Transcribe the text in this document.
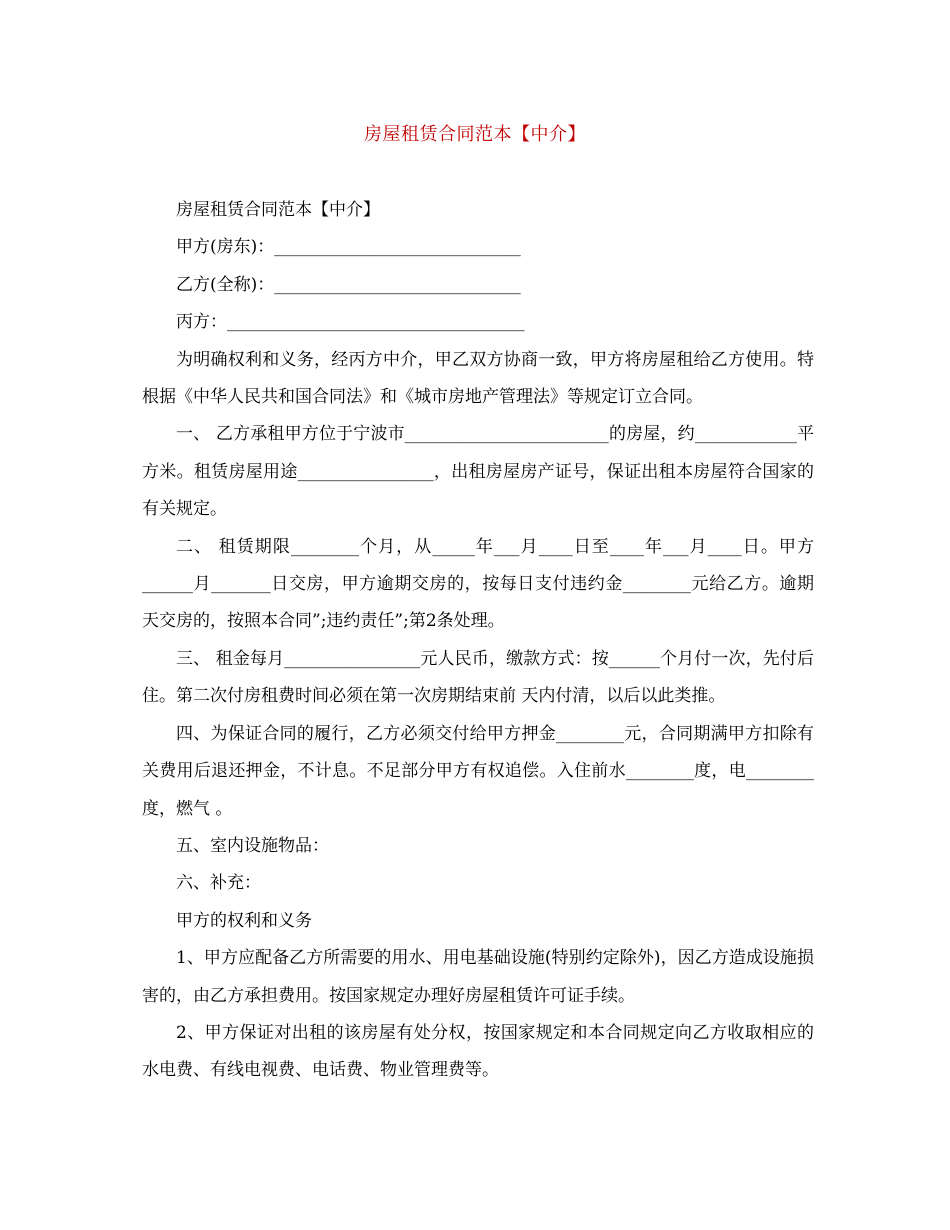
房屋租赁合同范本【中介】

房屋租赁合同范本【中介】

甲方(房东)：_____________________________

乙方(全称)：_____________________________

丙方：___________________________________

为明确权利和义务，经丙方中介，甲乙双方协商一致，甲方将房屋租给乙方使用。特根据《中华人民共和国合同法》和《城市房地产管理法》等规定订立合同。

一、 乙方承租甲方位于宁波市________________________的房屋，约____________平方米。租赁房屋用途________________，出租房屋房产证号，保证出租本房屋符合国家的有关规定。

二、 租赁期限________个月，从_____年___月____日至____年___月____日。甲方______月_______日交房，甲方逾期交房的，按每日支付违约金________元给乙方。逾期　天交房的，按照本合同”;违约责任”;第2条处理。

三、 租金每月________________元人民币，缴款方式：按______个月付一次，先付后住。第二次付房租费时间必须在第一次房期结束前 天内付清，以后以此类推。

四、为保证合同的履行，乙方必须交付给甲方押金________元，合同期满甲方扣除有关费用后退还押金，不计息。不足部分甲方有权追偿。入住前水________度，电________度，燃气 。

五、室内设施物品：

六、补充：

甲方的权利和义务

1、甲方应配备乙方所需要的用水、用电基础设施(特别约定除外)，因乙方造成设施损害的，由乙方承担费用。按国家规定办理好房屋租赁许可证手续。

2、甲方保证对出租的该房屋有处分权，按国家规定和本合同规定向乙方收取相应的水电费、有线电视费、电话费、物业管理费等。
